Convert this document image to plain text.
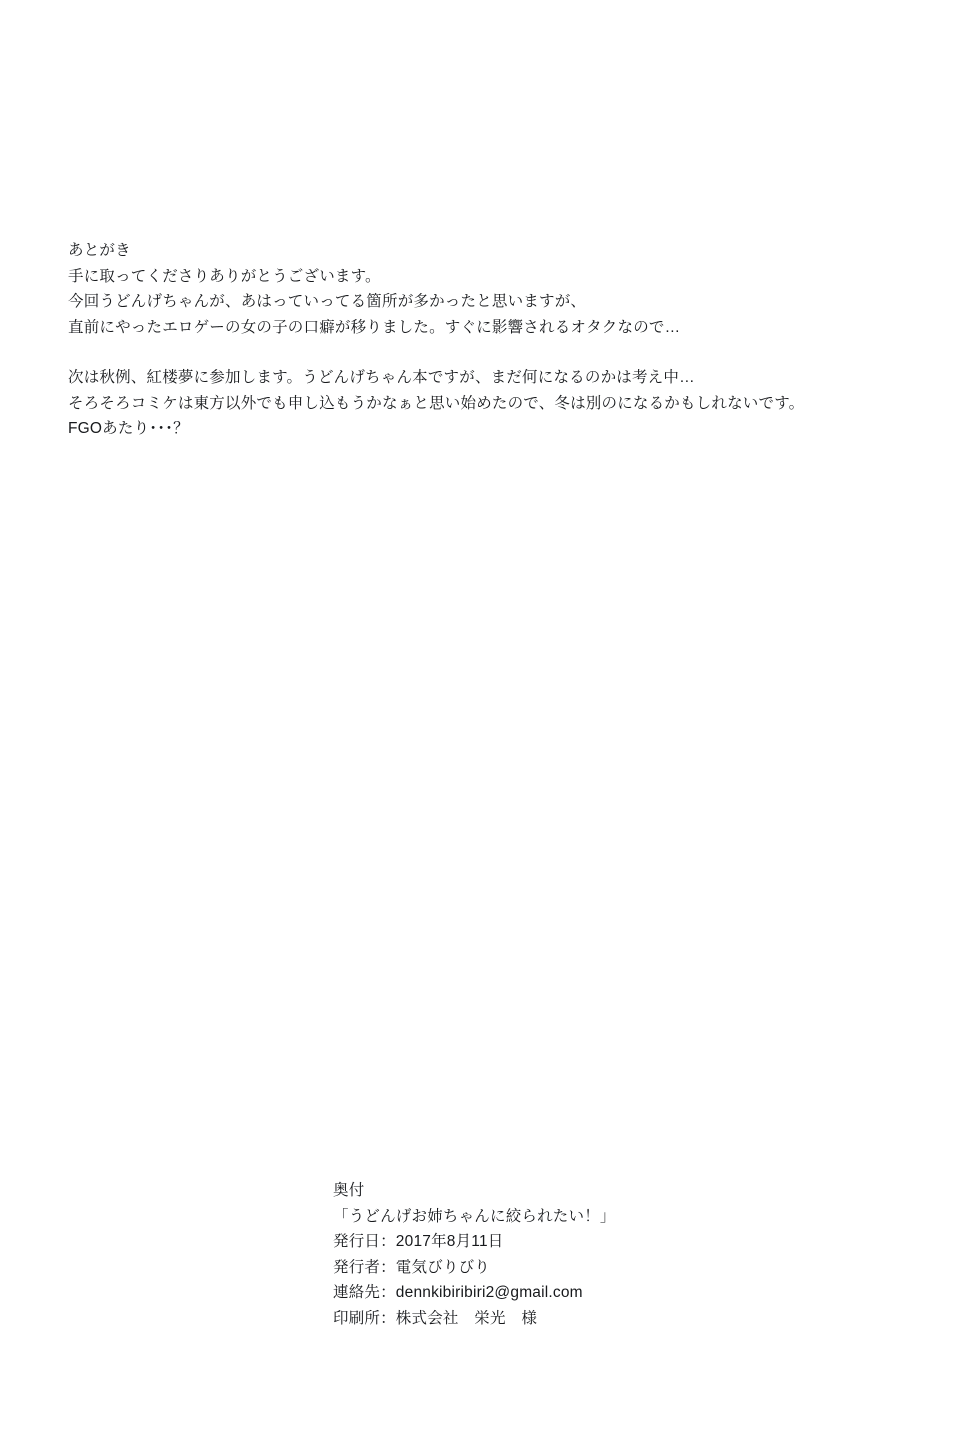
あとがき
手に取ってくださりありがとうございます。
今回うどんげちゃんが、あはっていってる箇所が多かったと思いますが、
直前にやったエロゲーの女の子の口癖が移りました。すぐに影響されるオタクなので…
次は秋例、紅楼夢に参加します。うどんげちゃん本ですが、まだ何になるのかは考え中…
そろそろコミケは東方以外でも申し込もうかなぁと思い始めたので、冬は別のになるかもしれないです。
FGOあたり･･･？
奥付
「うどんげお姉ちゃんに絞られたい！」
発行日：2017年8月11日
発行者：電気びりびり
連絡先：dennkibiribiri2@gmail.com
印刷所：株式会社　栄光　様
